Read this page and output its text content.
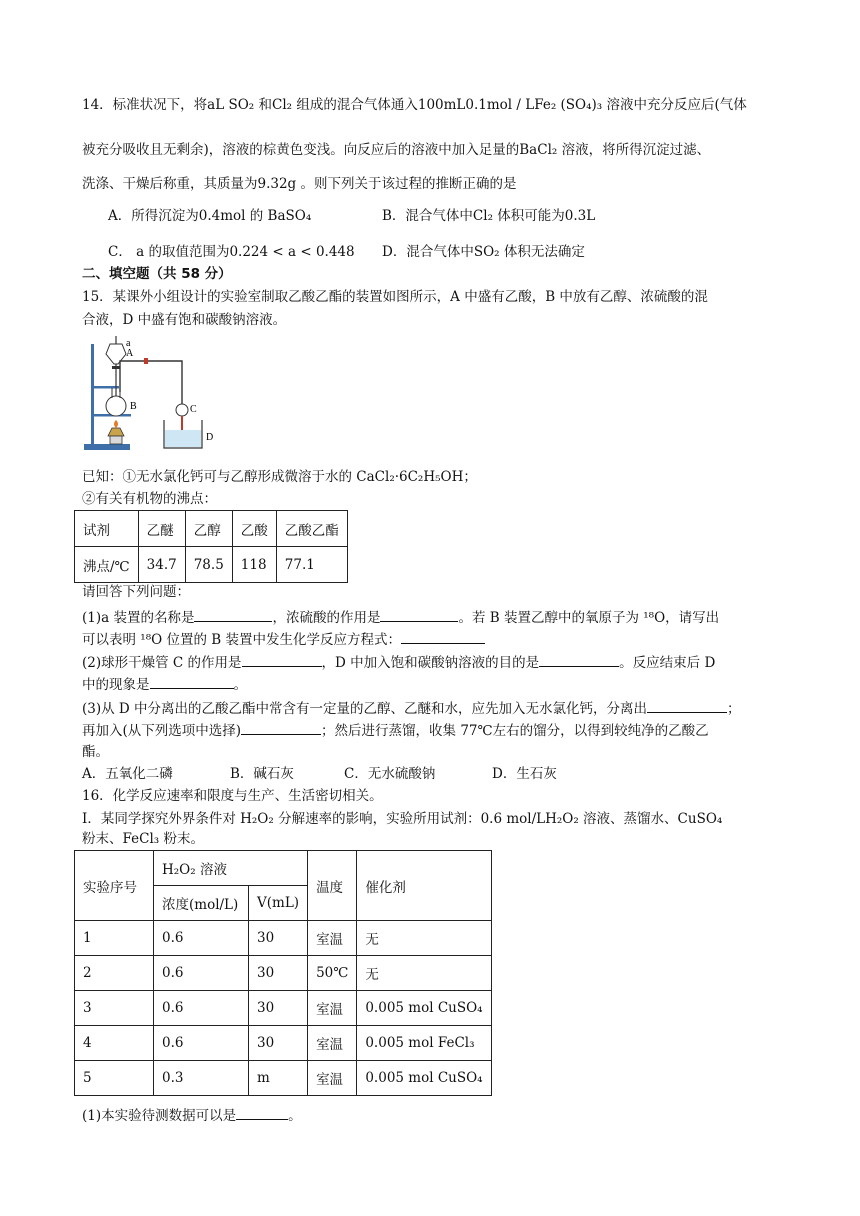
14．标准状况下，将aL SO₂ 和Cl₂ 组成的混合气体通入100mL0.1mol / LFe₂ (SO₄)₃ 溶液中充分反应后(气体
被充分吸收且无剩余)，溶液的棕黄色变浅。向反应后的溶液中加入足量的BaCl₂ 溶液，将所得沉淀过滤、
洗涤、干燥后称重，其质量为9.32g 。则下列关于该过程的推断正确的是
A．所得沉淀为0.4mol 的 BaSO₄	B．混合气体中Cl₂ 体积可能为0.3L
C． a 的取值范围为0.224 < a < 0.448 D．混合气体中SO₂ 体积无法确定
二、填空题（共 58 分）
15．某课外小组设计的实验室制取乙酸乙酯的装置如图所示，A 中盛有乙酸，B 中放有乙醇、浓硫酸的混
合液，D 中盛有饱和碳酸钠溶液。
a
A
B	C
D
已知：①无水氯化钙可与乙醇形成微溶于水的 CaCl₂·6C₂H₅OH；
②有关有机物的沸点：
试剂	乙醚	乙醇	乙酸	乙酸乙酯
沸点/℃	34.7	78.5	118	77.1
请回答下列问题：
(1)a 装置的名称是	，浓硫酸的作用是	。若 B 装置乙醇中的氧原子为 ¹⁸O，请写出
可以表明 ¹⁸O 位置的 B 装置中发生化学反应方程式：
(2)球形干燥管 C 的作用是	，D 中加入饱和碳酸钠溶液的目的是	。反应结束后 D
中的现象是	。
(3)从 D 中分离出的乙酸乙酯中常含有一定量的乙醇、乙醚和水，应先加入无水氯化钙，分离出	；
再加入(从下列选项中选择)	；然后进行蒸馏，收集 77℃左右的馏分，以得到较纯净的乙酸乙
酯。
A．五氧化二磷	B．碱石灰	C．无水硫酸钠	D．生石灰
16．化学反应速率和限度与生产、生活密切相关。
Ⅰ．某同学探究外界条件对 H₂O₂ 分解速率的影响，实验所用试剂：0.6 mol/LH₂O₂ 溶液、蒸馏水、CuSO₄
粉末、FeCl₃ 粉末。
实验序号	H₂O₂ 溶液		温度	催化剂
	浓度(mol/L)	V(mL)		
1	0.6	30	室温	无
2	0.6	30	50℃	无
3	0.6	30	室温	0.005 mol CuSO₄
4	0.6	30	室温	0.005 mol FeCl₃
5	0.3	m	室温	0.005 mol CuSO₄
(1)本实验待测数据可以是	。
